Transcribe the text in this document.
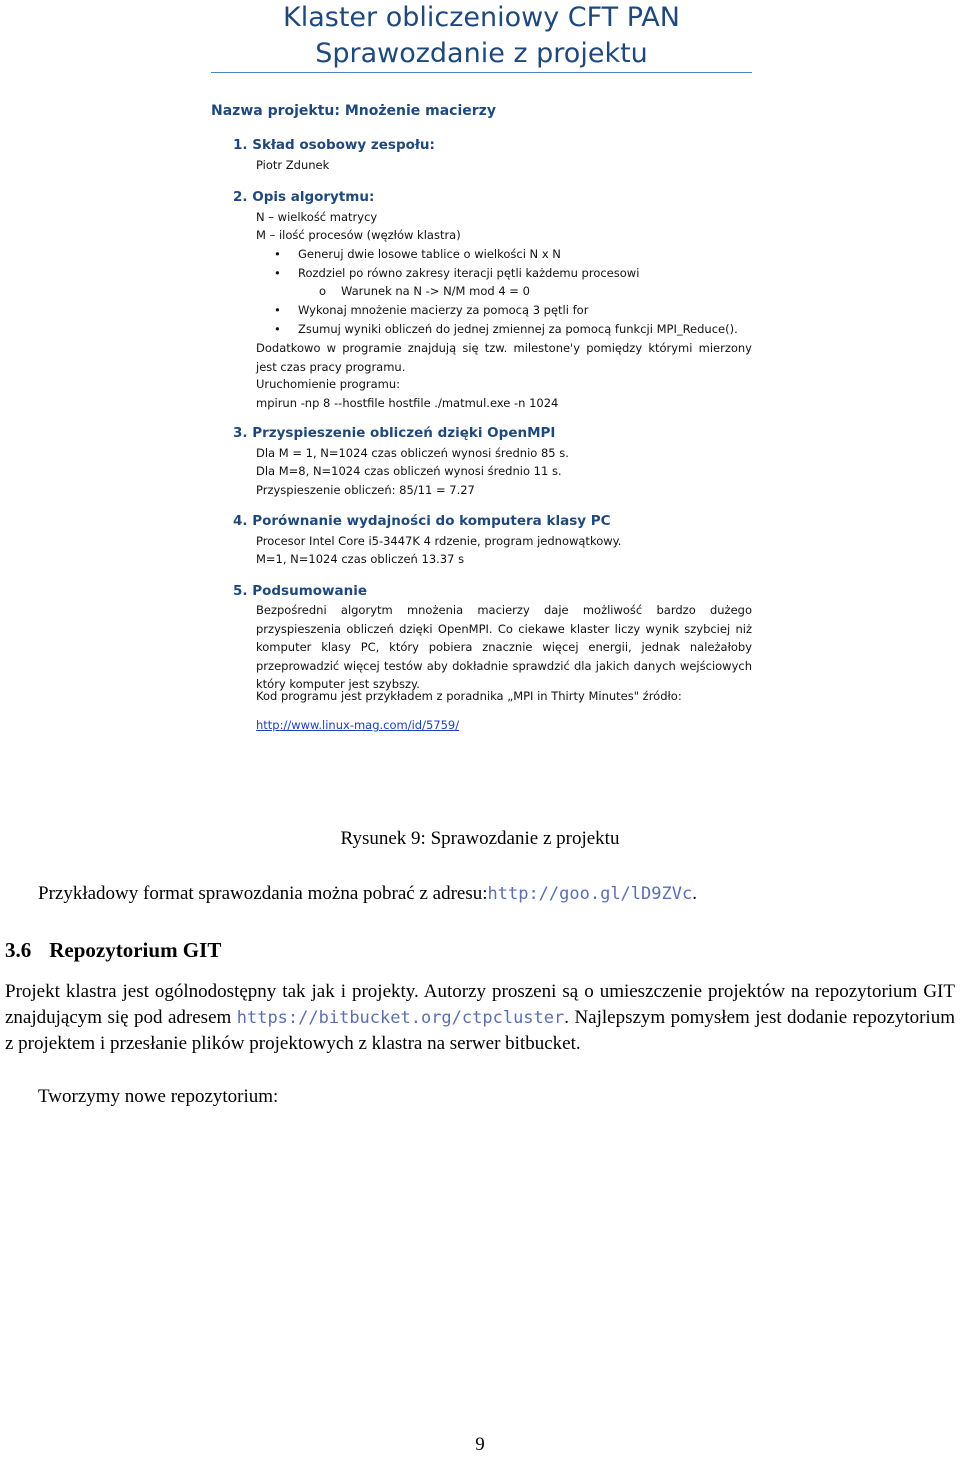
Klaster obliczeniowy CFT PAN

Sprawozdanie z projektu

Nazwa projektu: Mnożenie macierzy
1. Skład osobowy zespołu:
Piotr Zdunek
2. Opis algorytmu:
N – wielkość matrycy
M – ilość procesów (węzłów klastra)
• Generuj dwie losowe tablice o wielkości N x N
• Rozdziel po równo zakresy iteracji pętli każdemu procesowi
o Warunek na N -> N/M mod 4 = 0
• Wykonaj mnożenie macierzy za pomocą 3 pętli for
• Zsumuj wyniki obliczeń do jednej zmiennej za pomocą funkcji MPI_Reduce().
Dodatkowo w programie znajdują się tzw. milestone'y pomiędzy którymi mierzony jest czas pracy programu.
Uruchomienie programu:
mpirun -np 8 --hostfile hostfile ./matmul.exe -n 1024
3. Przyspieszenie obliczeń dzięki OpenMPI
Dla M = 1, N=1024 czas obliczeń wynosi średnio 85 s.
Dla M=8, N=1024 czas obliczeń wynosi średnio 11 s.
Przyspieszenie obliczeń: 85/11 = 7.27
4. Porównanie wydajności do komputera klasy PC
Procesor Intel Core i5-3447K 4 rdzenie, program jednowątkowy.
M=1, N=1024 czas obliczeń 13.37 s
5. Podsumowanie
Bezpośredni algorytm mnożenia macierzy daje możliwość bardzo dużego przyspieszenia obliczeń dzięki OpenMPI. Co ciekawe klaster liczy wynik szybciej niż komputer klasy PC, który pobiera znacznie więcej energii, jednak należałoby przeprowadzić więcej testów aby dokładnie sprawdzić dla jakich danych wejściowych który komputer jest szybszy.
Kod programu jest przykładem z poradnika „MPI in Thirty Minutes" źródło:
http://www.linux-mag.com/id/5759/
Rysunek 9: Sprawozdanie z projektu
Przykładowy format sprawozdania można pobrać z adresu:http://goo.gl/lD9ZVc.
3.6 Repozytorium GIT
Projekt klastra jest ogólnodostępny tak jak i projekty. Autorzy proszeni są o umieszczenie projektów na repozytorium GIT znajdującym się pod adresem https://bitbucket.org/ctpcluster. Najlepszym pomysłem jest dodanie repozytorium z projektem i przesłanie plików projektowych z klastra na serwer bitbucket.
Tworzymy nowe repozytorium:
9
